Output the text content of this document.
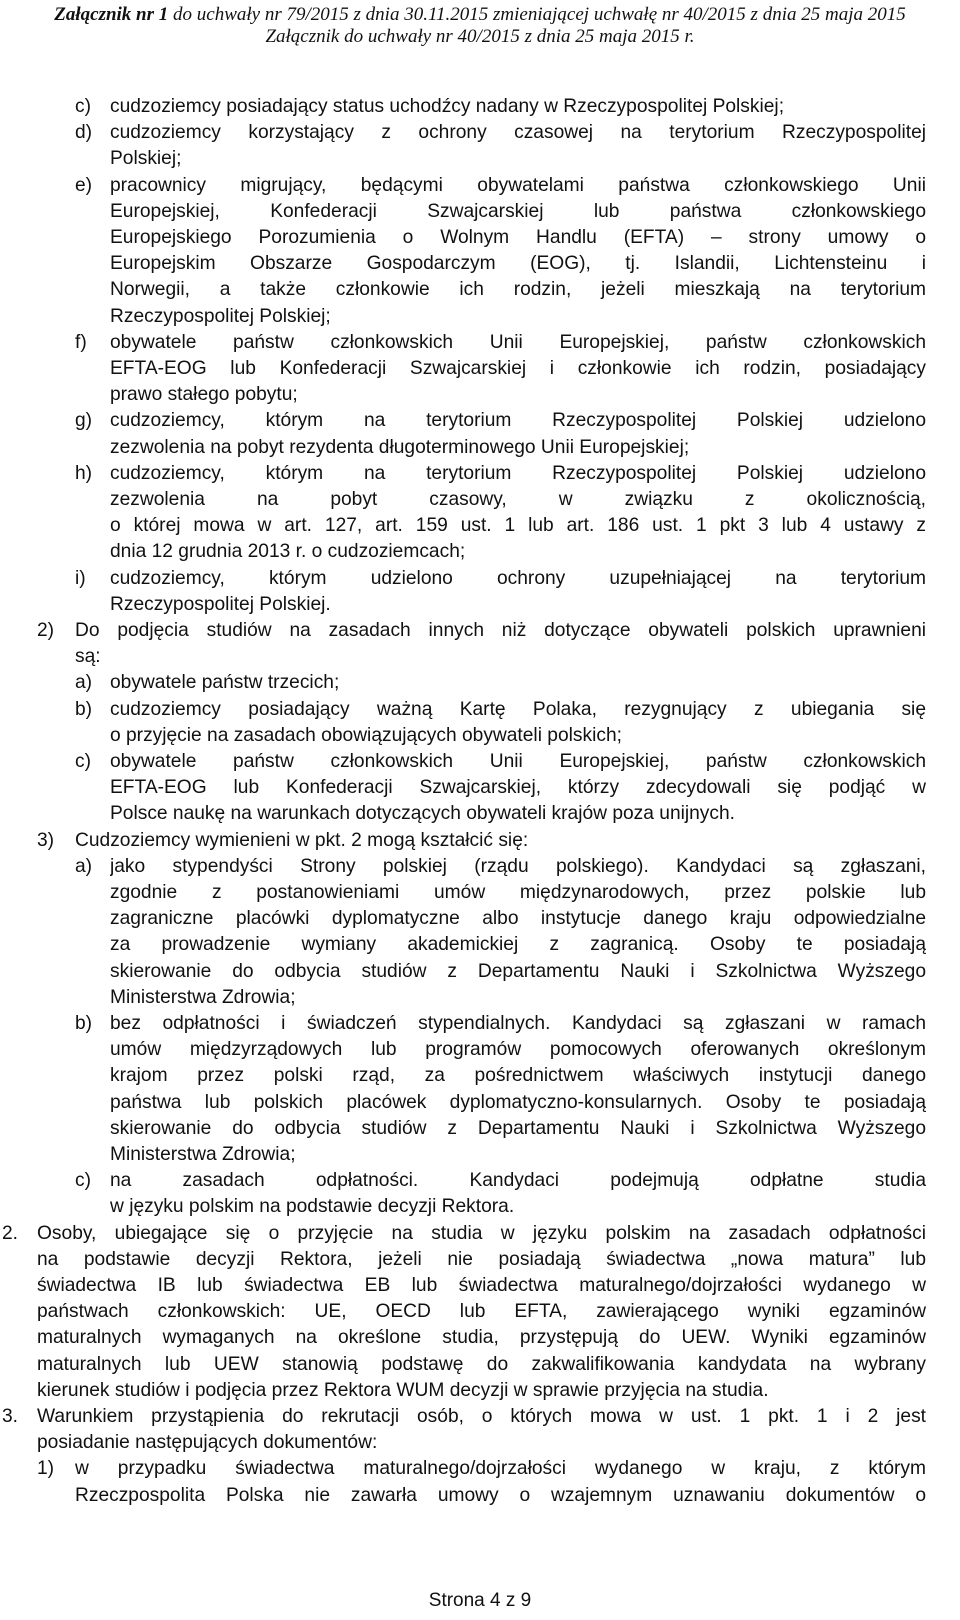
Załącznik nr 1 do uchwały nr 79/2015 z dnia 30.11.2015 zmieniającej uchwałę nr 40/2015 z dnia 25 maja 2015
Załącznik do uchwały nr 40/2015 z dnia 25 maja 2015 r.
c) cudzoziemcy posiadający status uchodźcy nadany w Rzeczypospolitej Polskiej;
d) cudzoziemcy korzystający z ochrony czasowej na terytorium Rzeczypospolitej
Polskiej;
e) pracownicy migrujący, będącymi obywatelami państwa członkowskiego Unii
Europejskiej, Konfederacji Szwajcarskiej lub państwa członkowskiego
Europejskiego Porozumienia o Wolnym Handlu (EFTA) – strony umowy o
Europejskim Obszarze Gospodarczym (EOG), tj. Islandii, Lichtensteinu i
Norwegii, a także członkowie ich rodzin, jeżeli mieszkają na terytorium
Rzeczypospolitej Polskiej;
f) obywatele państw członkowskich Unii Europejskiej, państw członkowskich
EFTA-EOG lub Konfederacji Szwajcarskiej i członkowie ich rodzin, posiadający
prawo stałego pobytu;
g) cudzoziemcy, którym na terytorium Rzeczypospolitej Polskiej udzielono
zezwolenia na pobyt rezydenta długoterminowego Unii Europejskiej;
h) cudzoziemcy, którym na terytorium Rzeczypospolitej Polskiej udzielono
zezwolenia na pobyt czasowy, w związku z okolicznością,
o której mowa w art. 127, art. 159 ust. 1 lub art. 186 ust. 1 pkt 3 lub 4 ustawy z
dnia 12 grudnia 2013 r. o cudzoziemcach;
i) cudzoziemcy, którym udzielono ochrony uzupełniającej na terytorium
Rzeczypospolitej Polskiej.
2) Do podjęcia studiów na zasadach innych niż dotyczące obywateli polskich uprawnieni
są:
a) obywatele państw trzecich;
b) cudzoziemcy posiadający ważną Kartę Polaka, rezygnujący z ubiegania się
o przyjęcie na zasadach obowiązujących obywateli polskich;
c) obywatele państw członkowskich Unii Europejskiej, państw członkowskich
EFTA-EOG lub Konfederacji Szwajcarskiej, którzy zdecydowali się podjąć w
Polsce naukę na warunkach dotyczących obywateli krajów poza unijnych.
3) Cudzoziemcy wymienieni w pkt. 2 mogą kształcić się:
a) jako stypendyści Strony polskiej (rządu polskiego). Kandydaci są zgłaszani,
zgodnie z postanowieniami umów międzynarodowych, przez polskie lub
zagraniczne placówki dyplomatyczne albo instytucje danego kraju odpowiedzialne
za prowadzenie wymiany akademickiej z zagranicą. Osoby te posiadają
skierowanie do odbycia studiów z Departamentu Nauki i Szkolnictwa Wyższego
Ministerstwa Zdrowia;
b) bez odpłatności i świadczeń stypendialnych. Kandydaci są zgłaszani w ramach
umów międzyrządowych lub programów pomocowych oferowanych określonym
krajom przez polski rząd, za pośrednictwem właściwych instytucji danego
państwa lub polskich placówek dyplomatyczno-konsularnych. Osoby te posiadają
skierowanie do odbycia studiów z Departamentu Nauki i Szkolnictwa Wyższego
Ministerstwa Zdrowia;
c) na zasadach odpłatności. Kandydaci podejmują odpłatne studia
w języku polskim na podstawie decyzji Rektora.
2. Osoby, ubiegające się o przyjęcie na studia w języku polskim na zasadach odpłatności
na podstawie decyzji Rektora, jeżeli nie posiadają świadectwa „nowa matura” lub
świadectwa IB lub świadectwa EB lub świadectwa maturalnego/dojrzałości wydanego w
państwach członkowskich: UE, OECD lub EFTA, zawierającego wyniki egzaminów
maturalnych wymaganych na określone studia, przystępują do UEW. Wyniki egzaminów
maturalnych lub UEW stanowią podstawę do zakwalifikowania kandydata na wybrany
kierunek studiów i podjęcia przez Rektora WUM decyzji w sprawie przyjęcia na studia.
3. Warunkiem przystąpienia do rekrutacji osób, o których mowa w ust. 1 pkt. 1 i 2 jest
posiadanie następujących dokumentów:
1) w przypadku świadectwa maturalnego/dojrzałości wydanego w kraju, z którym
Rzeczpospolita Polska nie zawarła umowy o wzajemnym uznawaniu dokumentów o
Strona 4 z 9
